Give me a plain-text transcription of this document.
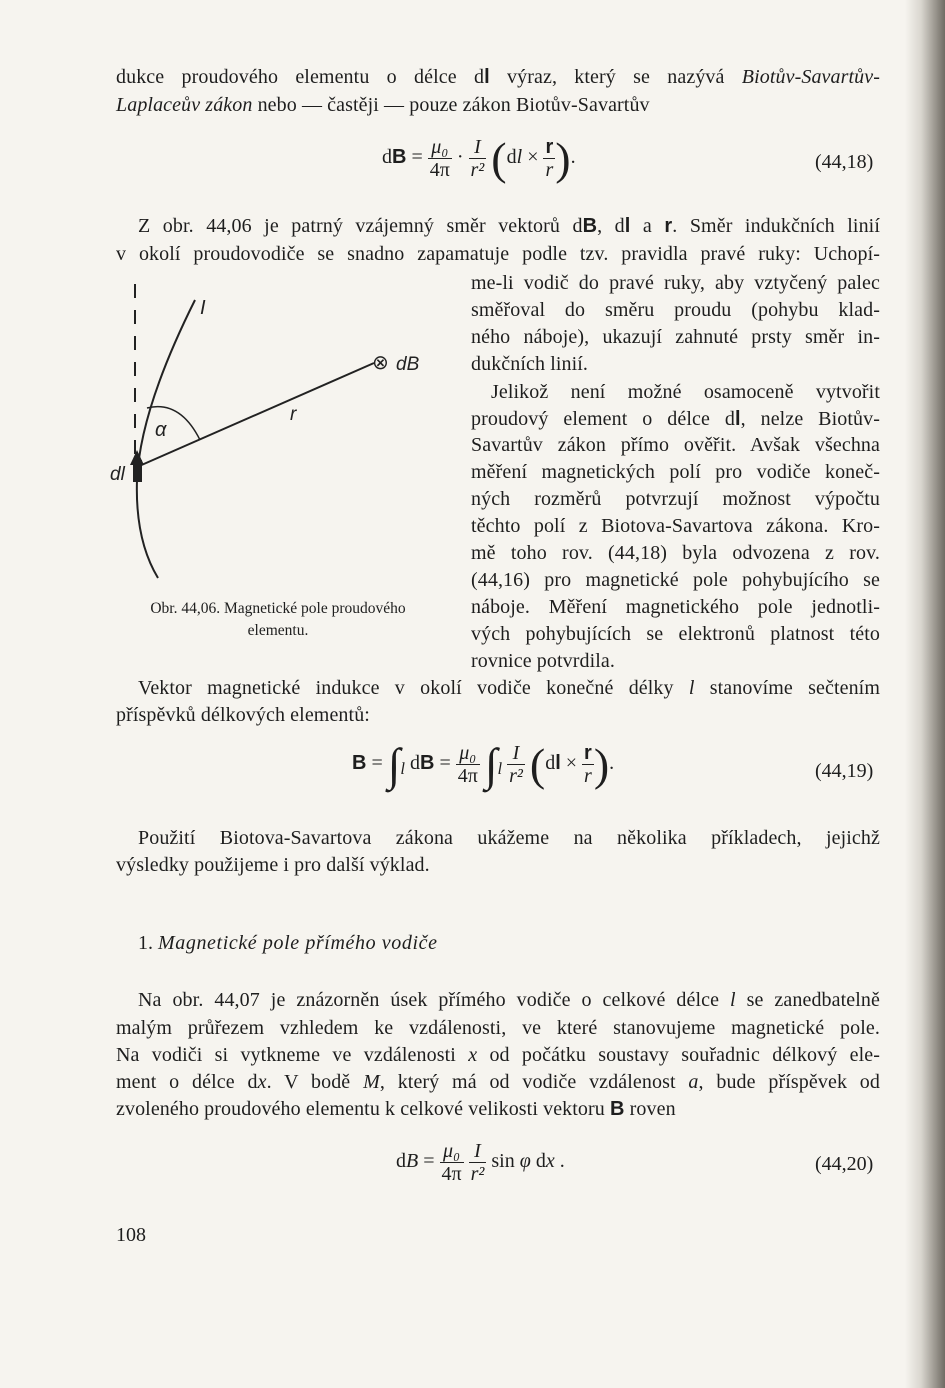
dukce proudového elementu o délce dl výraz, který se nazývá Biotův-Savartův-
Laplaceův zákon nebo — častěji — pouze zákon Biotův-Savartův
dB = $\frac{\text{μ₀}}{4\pi} \cdot \frac{I}{\text{r²}} (dl \times \frac{r}{r}$ ).	(44,18)
Z obr. 44,06 je patrný vzájemný směr vektorů dB, dl a r. Směr indukčních linií
v okolí proudovodiče se snadno zapamatuje podle tzv. pravidla pravé ruky: Uchopí-
me-li vodič do pravé ruky, aby vztyčený palec
směřoval do směru proudu (pohybu klad-
ného náboje), ukazují zahnuté prsty směr in-
dukčních linií.
Jelikož není možné osamoceně vytvořit
proudový element o délce dl, nelze Biotův-
Savartův zákon přímo ověřit. Avšak všechna
měření magnetických polí pro vodiče koneč-
ných rozměrů potvrzují možnost výpočtu
těchto polí z Biotova-Savartova zákona. Kro-
mě toho rov. (44,18) byla odvozena z rov.
(44,16) pro magnetické pole pohybujícího se
náboje. Měření magnetického pole jednotli-
vých pohybujících se elektronů platnost této
rovnice potvrdila.
⊗
I
dB
r
α
dl
Obr. 44,06. Magnetické pole proudového
elementu.
Vektor magnetické indukce v okolí vodiče konečné délky l stanovíme sečtením
příspěvků délkových elementů:
$B = \int_l$ dB = $\frac{\text{μ₀}}{4\pi} \int_l \frac{I}{\text{r²}} (dl \times \frac{r}{r}$ ).	(44,19)
Použití Biotova-Savartova zákona ukážeme na několika příkladech, jejichž
výsledky použijeme i pro další výklad.
1. Magnetické pole přímého vodiče
Na obr. 44,07 je znázorněn úsek přímého vodiče o celkové délce l se zanedbatelně
malým průřezem vzhledem ke vzdálenosti, ve které stanovujeme magnetické pole.
Na vodiči si vytkneme ve vzdálenosti x od počátku soustavy souřadnic délkový ele-
ment o délce dx. V bodě M, který má od vodiče vzdálenost a, bude příspěvek od
zvoleného proudového elementu k celkové velikosti vektoru B roven
dB = $\frac{\text{μ₀}}{4\pi}$
$\frac{I}{\text{r²}}$ sin φ dx .	(44,20)
108
